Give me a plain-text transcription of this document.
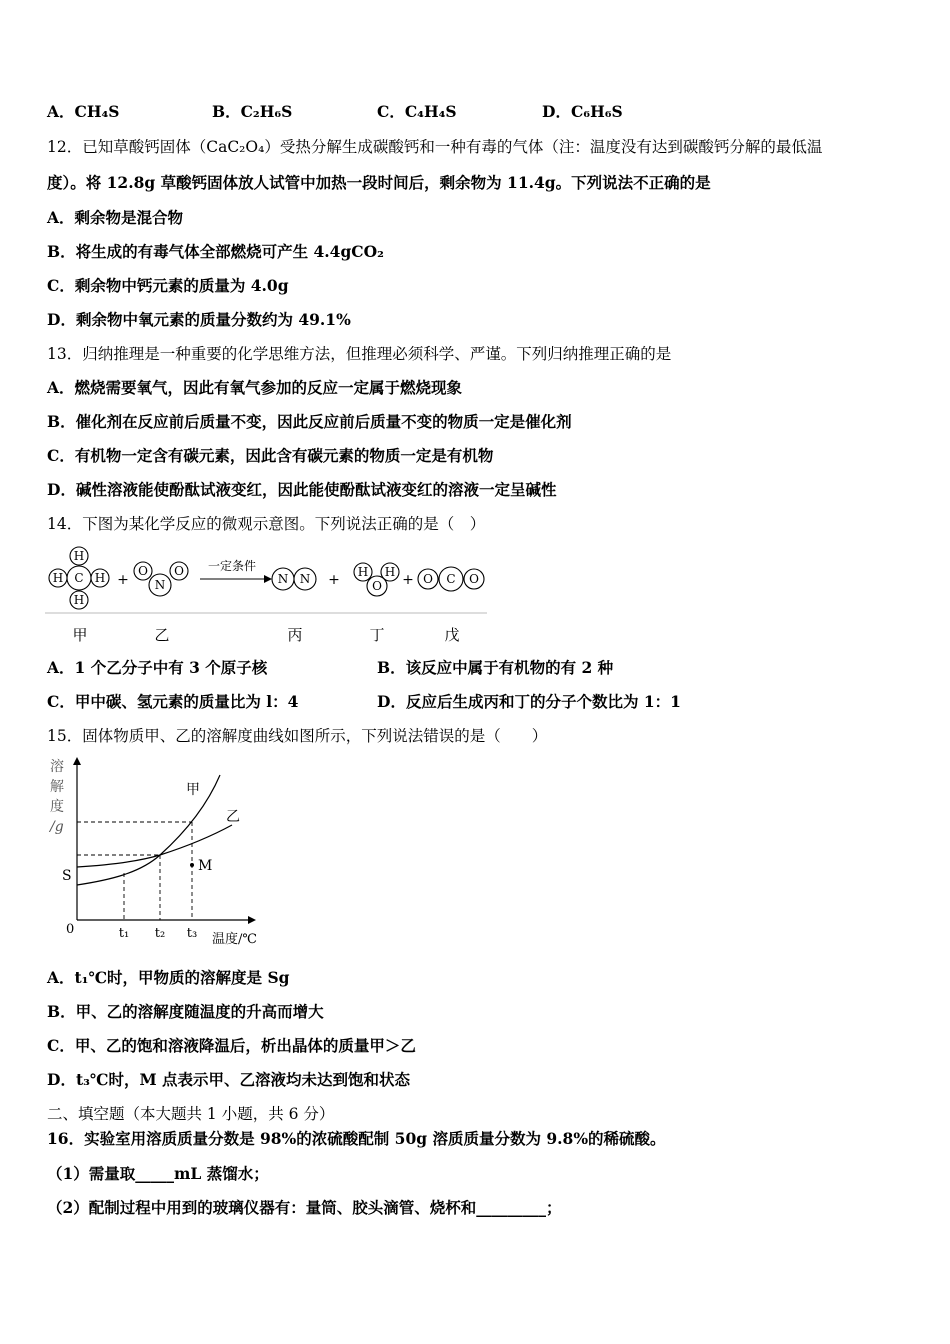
A．CH₄S	B．C₂H₆S	C．C₄H₄S	D．C₆H₆S
12．已知草酸钙固体（CaC₂O₄）受热分解生成碳酸钙和一种有毒的气体（注：温度没有达到碳酸钙分解的最低温
度）。将 12.8g 草酸钙固体放人试管中加热一段时间后，剩余物为 11.4g。下列说法不正确的是
A．剩余物是混合物
B．将生成的有毒气体全部燃烧可产生 4.4gCO₂
C．剩余物中钙元素的质量为 4.0g
D．剩余物中氧元素的质量分数约为 49.1%
13．归纳推理是一种重要的化学思维方法，但推理必须科学、严谨。下列归纳推理正确的是
A．燃烧需要氧气，因此有氧气参加的反应一定属于燃烧现象
B．催化剂在反应前后质量不变，因此反应前后质量不变的物质一定是催化剂
C．有机物一定含有碳元素，因此含有碳元素的物质一定是有机物
D．碱性溶液能使酚酞试液变红，因此能使酚酞试液变红的溶液一定呈碱性
14．下图为某化学反应的微观示意图。下列说法正确的是（　）
H
H
H	H
C	O O
N	N N	H H
O	O C O
+	+	+
一定条件
甲	乙	丙	丁	戊
A．1 个乙分子中有 3 个原子核	B．该反应中属于有机物的有 2 种
C．甲中碳、氢元素的质量比为 l：4	D．反应后生成丙和丁的分子个数比为 1：1
15．固体物质甲、乙的溶解度曲线如图所示，下列说法错误的是（　　）
溶
解
度
/g
M
S
0
甲
乙
t₁ t₂ t₃ 温度/℃
A．t₁℃时，甲物质的溶解度是 Sg
B．甲、乙的溶解度随温度的升高而增大
C．甲、乙的饱和溶液降温后，析出晶体的质量甲＞乙
D．t₃℃时，M 点表示甲、乙溶液均未达到饱和状态
二、填空题（本大题共 1 小题，共 6 分）
16．实验室用溶质质量分数是 98%的浓硫酸配制 50g 溶质质量分数为 9.8%的稀硫酸。
（1）需量取_____mL 蒸馏水；
（2）配制过程中用到的玻璃仪器有：量筒、胶头滴管、烧杯和_________；
